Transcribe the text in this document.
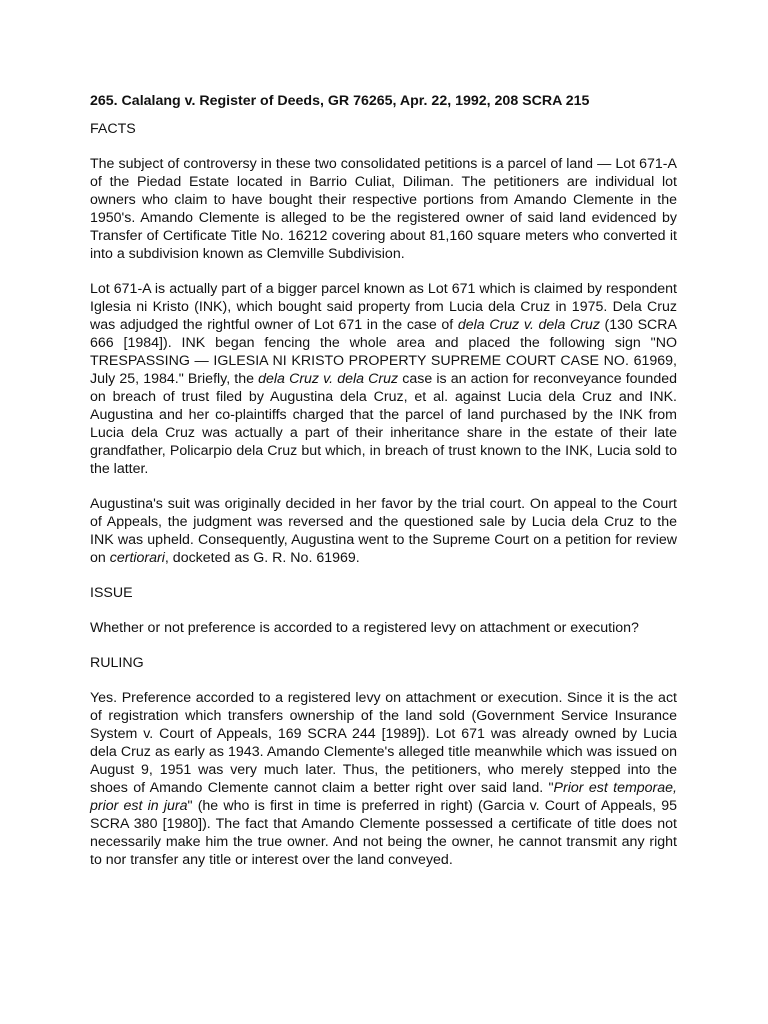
265. Calalang v. Register of Deeds, GR 76265, Apr. 22, 1992, 208 SCRA 215
FACTS

The subject of controversy in these two consolidated petitions is a parcel of land — Lot 671-A of the Piedad Estate located in Barrio Culiat, Diliman. The petitioners are individual lot owners who claim to have bought their respective portions from Amando Clemente in the 1950's. Amando Clemente is alleged to be the registered owner of said land evidenced by Transfer of Certificate Title No. 16212 covering about 81,160 square meters who converted it into a subdivision known as Clemville Subdivision.

Lot 671-A is actually part of a bigger parcel known as Lot 671 which is claimed by respondent Iglesia ni Kristo (INK), which bought said property from Lucia dela Cruz in 1975. Dela Cruz was adjudged the rightful owner of Lot 671 in the case of dela Cruz v. dela Cruz (130 SCRA 666 [1984]). INK began fencing the whole area and placed the following sign "NO TRESPASSING — IGLESIA NI KRISTO PROPERTY SUPREME COURT CASE NO. 61969, July 25, 1984." Briefly, the dela Cruz v. dela Cruz case is an action for reconveyance founded on breach of trust filed by Augustina dela Cruz, et al. against Lucia dela Cruz and INK. Augustina and her co-plaintiffs charged that the parcel of land purchased by the INK from Lucia dela Cruz was actually a part of their inheritance share in the estate of their late grandfather, Policarpio dela Cruz but which, in breach of trust known to the INK, Lucia sold to the latter.

Augustina's suit was originally decided in her favor by the trial court. On appeal to the Court of Appeals, the judgment was reversed and the questioned sale by Lucia dela Cruz to the INK was upheld. Consequently, Augustina went to the Supreme Court on a petition for review on certiorari, docketed as G. R. No. 61969.

ISSUE

Whether or not preference is accorded to a registered levy on attachment or execution?

RULING

Yes. Preference accorded to a registered levy on attachment or execution. Since it is the act of registration which transfers ownership of the land sold (Government Service Insurance System v. Court of Appeals, 169 SCRA 244 [1989]). Lot 671 was already owned by Lucia dela Cruz as early as 1943. Amando Clemente's alleged title meanwhile which was issued on August 9, 1951 was very much later. Thus, the petitioners, who merely stepped into the shoes of Amando Clemente cannot claim a better right over said land. "Prior est temporae, prior est in jura" (he who is first in time is preferred in right) (Garcia v. Court of Appeals, 95 SCRA 380 [1980]). The fact that Amando Clemente possessed a certificate of title does not necessarily make him the true owner. And not being the owner, he cannot transmit any right to nor transfer any title or interest over the land conveyed.
